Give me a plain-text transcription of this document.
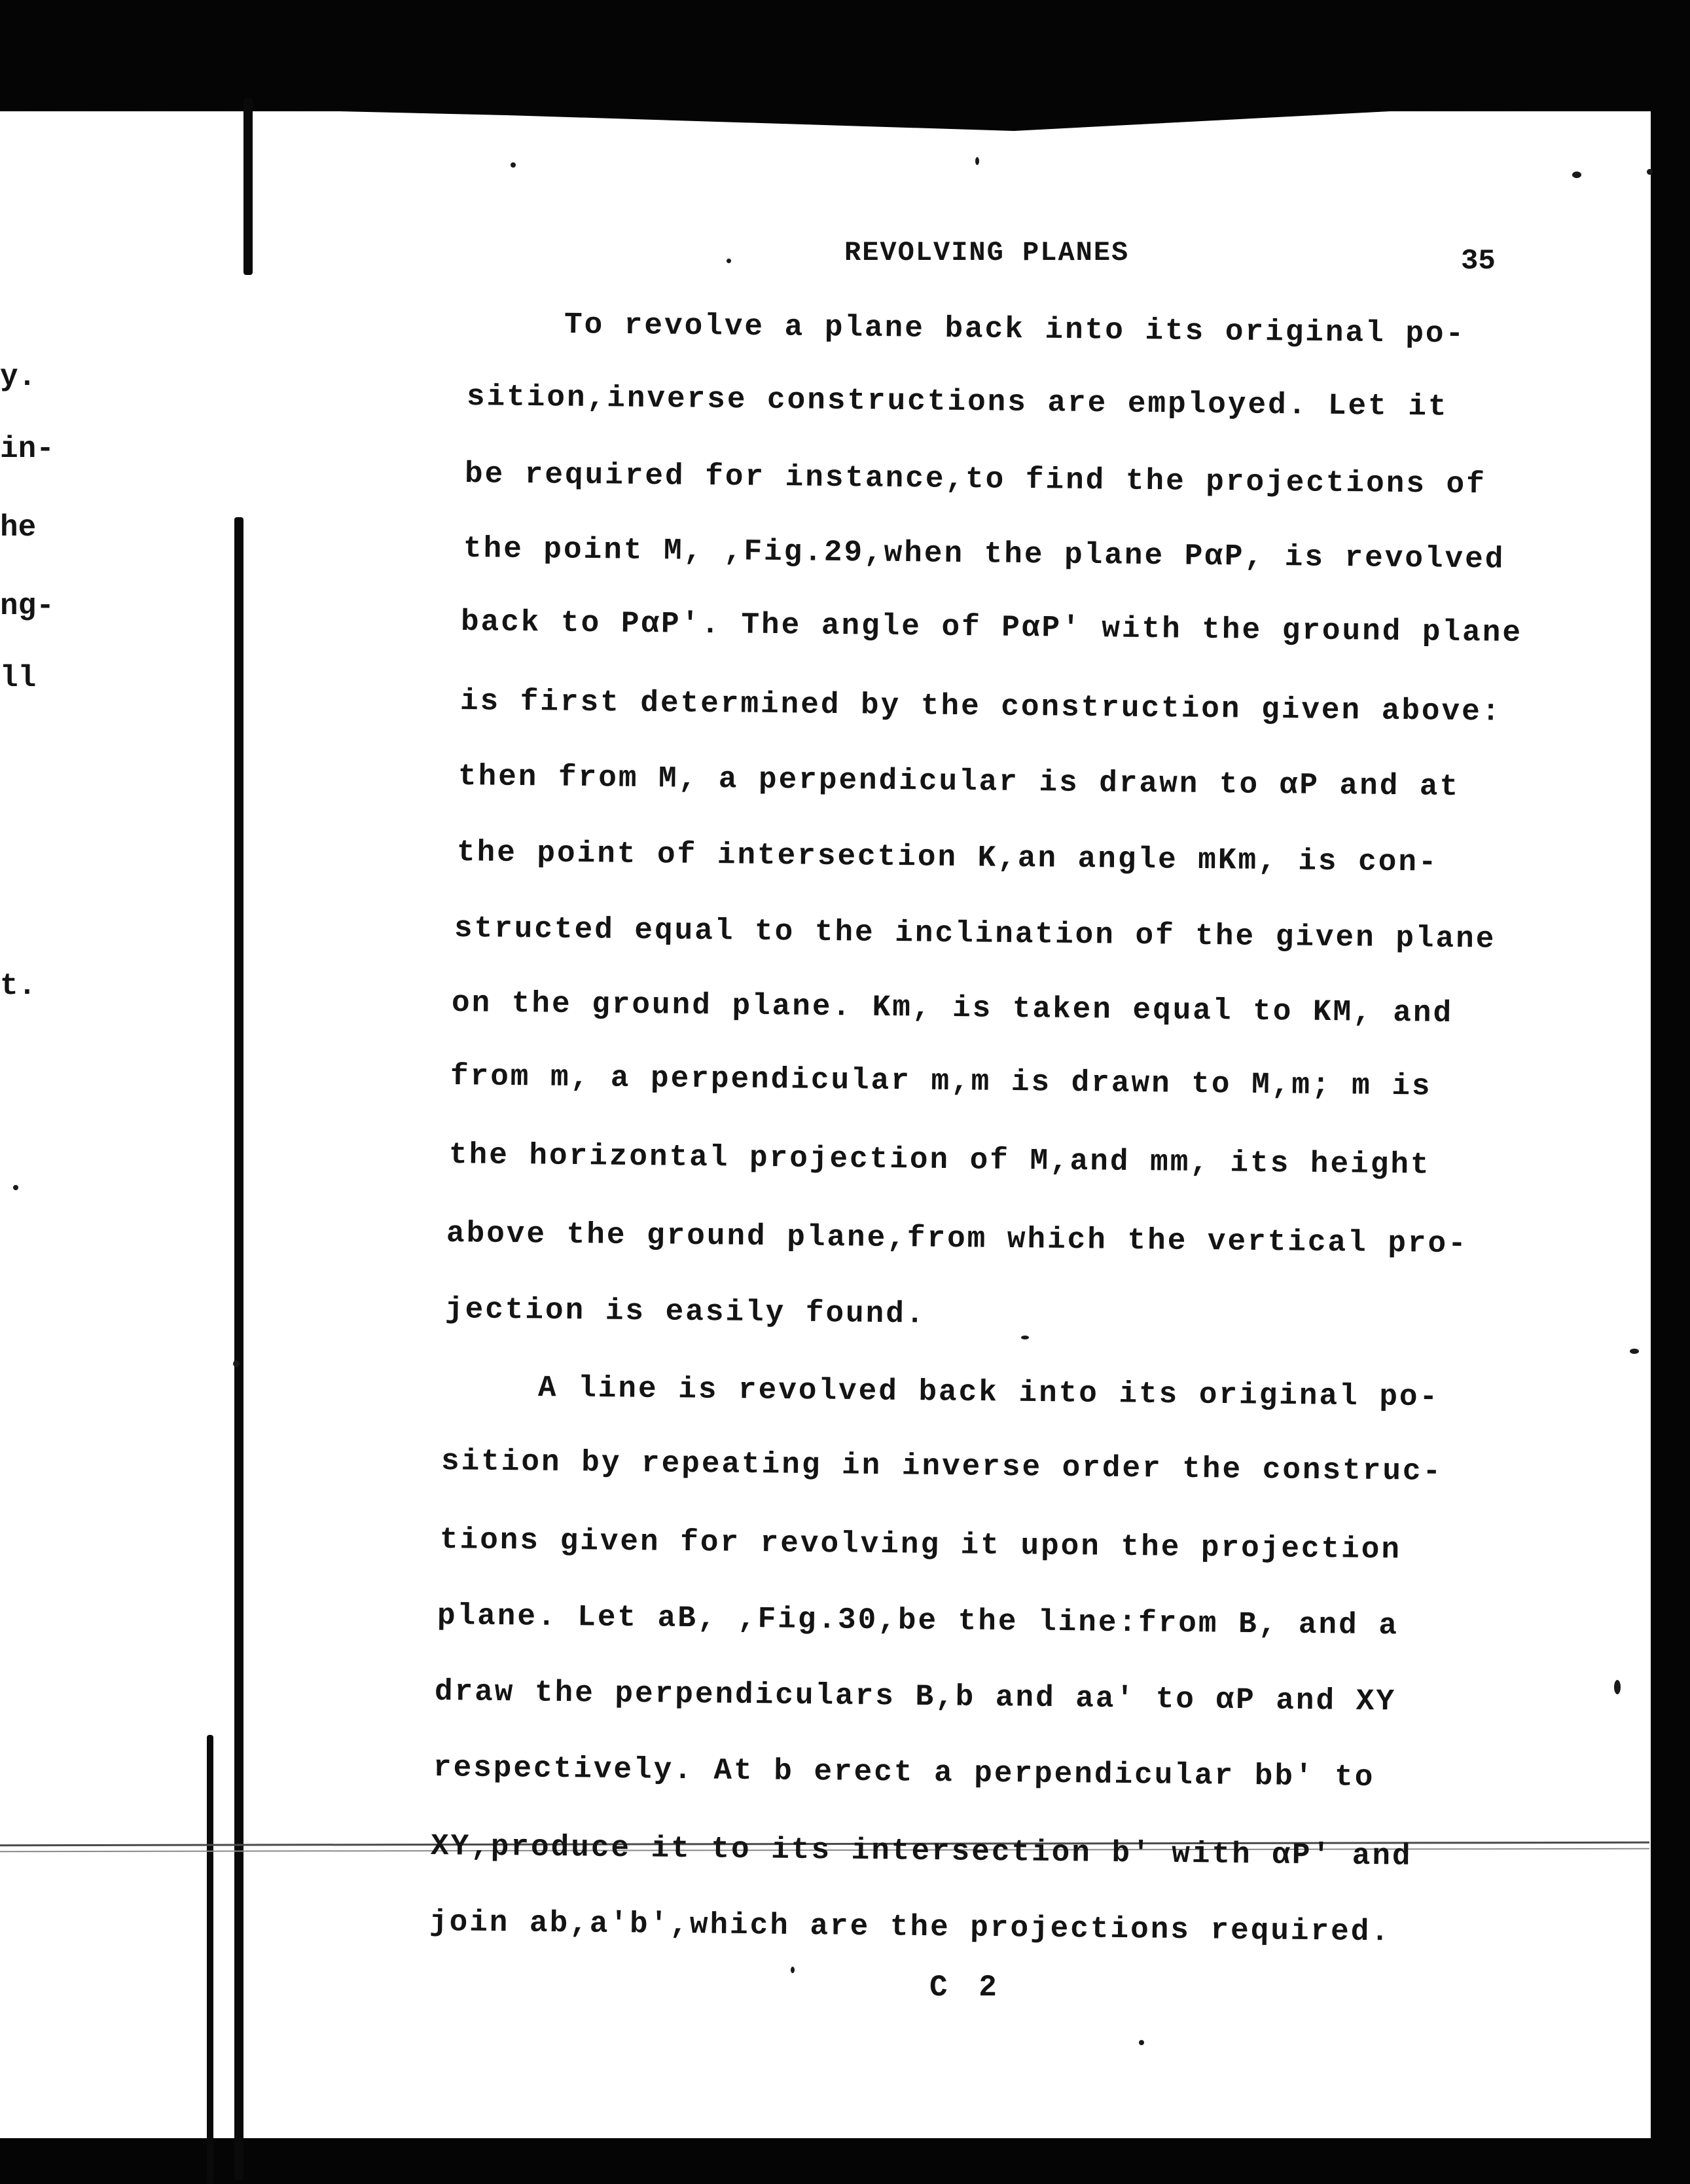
y.
in-
he
ng-
ll
t.
REVOLVING PLANES	35
To revolve a plane back into its original po-
sition,inverse constructions are employed. Let it
be required for instance,to find the projections of
the point M, ,Fig.29,when the plane PαP, is revolved
back to PαP'. The angle of PαP' with the ground plane
is first determined by the construction given above:
then from M, a perpendicular is drawn to αP and at
the point of intersection K,an angle mKm, is con-
structed equal to the inclination of the given plane
on the ground plane. Km, is taken equal to KM, and
from m, a perpendicular m,m is drawn to M,m; m is
the horizontal projection of M,and mm, its height
above the ground plane,from which the vertical pro-
jection is easily found.
A line is revolved back into its original po-
sition by repeating in inverse order the construc-
tions given for revolving it upon the projection
plane. Let aB, ,Fig.30,be the line:from B, and a
draw the perpendiculars B,b and aa' to αP and XY
respectively. At b erect a perpendicular bb' to
XY,produce it to its intersection b' with αP' and
join ab,a'b',which are the projections required.
C 2
